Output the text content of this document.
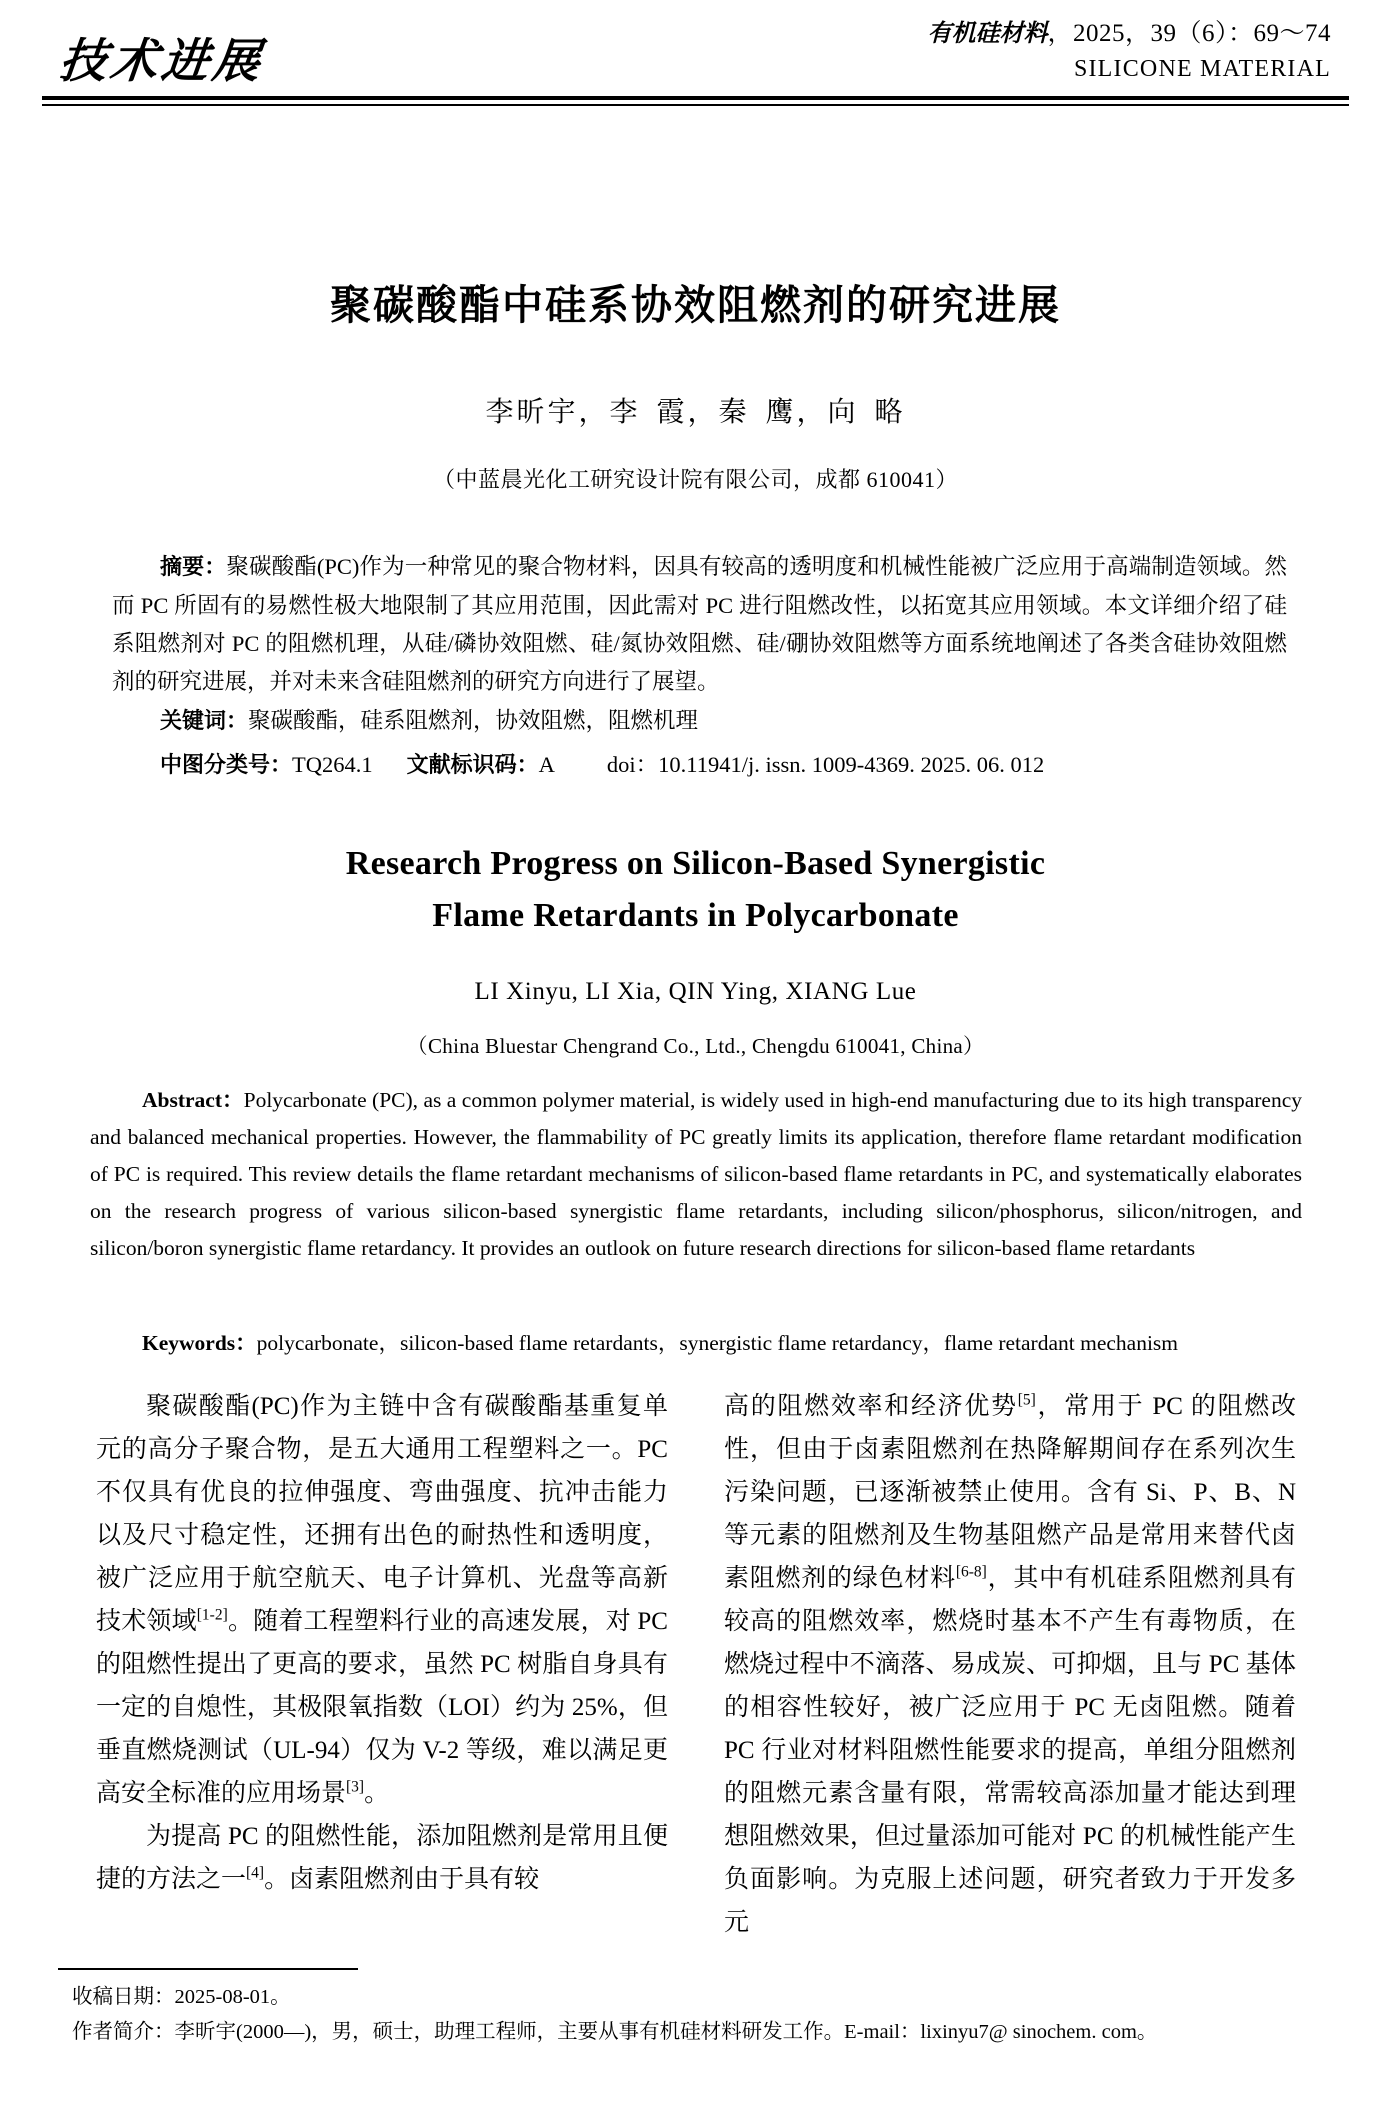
技术进展
有机硅材料，2025，39（6）：69～74
SILICONE MATERIAL
聚碳酸酯中硅系协效阻燃剂的研究进展
李昕宇，李 霞，秦 鹰，向 略
（中蓝晨光化工研究设计院有限公司，成都 610041）
摘要：聚碳酸酯(PC)作为一种常见的聚合物材料，因具有较高的透明度和机械性能被广泛应用于高端制造领域。然而 PC 所固有的易燃性极大地限制了其应用范围，因此需对 PC 进行阻燃改性，以拓宽其应用领域。本文详细介绍了硅系阻燃剂对 PC 的阻燃机理，从硅/磷协效阻燃、硅/氮协效阻燃、硅/硼协效阻燃等方面系统地阐述了各类含硅协效阻燃剂的研究进展，并对未来含硅阻燃剂的研究方向进行了展望。
关键词：聚碳酸酯，硅系阻燃剂，协效阻燃，阻燃机理
中图分类号：TQ264.1 文献标识码：A doi：10.11941/j. issn. 1009-4369. 2025. 06. 012
Research Progress on Silicon-Based Synergistic
Flame Retardants in Polycarbonate
LI Xinyu, LI Xia, QIN Ying, XIANG Lue
（China Bluestar Chengrand Co., Ltd., Chengdu 610041, China）
Abstract：Polycarbonate (PC), as a common polymer material, is widely used in high-end manufacturing due to its high transparency and balanced mechanical properties. However, the flammability of PC greatly limits its application, therefore flame retardant modification of PC is required. This review details the flame retardant mechanisms of silicon-based flame retardants in PC, and systematically elaborates on the research progress of various silicon-based synergistic flame retardants, including silicon/phosphorus, silicon/nitrogen, and silicon/boron synergistic flame retardancy. It provides an outlook on future research directions for silicon-based flame retardants
Keywords：polycarbonate，silicon-based flame retardants，synergistic flame retardancy，flame retardant mechanism

聚碳酸酯(PC)作为主链中含有碳酸酯基重复单元的高分子聚合物，是五大通用工程塑料之一。PC 不仅具有优良的拉伸强度、弯曲强度、抗冲击能力以及尺寸稳定性，还拥有出色的耐热性和透明度，被广泛应用于航空航天、电子计算机、光盘等高新技术领域[1-2]。随着工程塑料行业的高速发展，对 PC 的阻燃性提出了更高的要求，虽然 PC 树脂自身具有一定的自熄性，其极限氧指数（LOI）约为 25%，但垂直燃烧测试（UL-94）仅为 V-2 等级，难以满足更高安全标准的应用场景[3]。

为提高 PC 的阻燃性能，添加阻燃剂是常用且便捷的方法之一[4]。卤素阻燃剂由于具有较

高的阻燃效率和经济优势[5]，常用于 PC 的阻燃改性，但由于卤素阻燃剂在热降解期间存在系列次生污染问题，已逐渐被禁止使用。含有 Si、P、B、N 等元素的阻燃剂及生物基阻燃产品是常用来替代卤素阻燃剂的绿色材料[6-8]，其中有机硅系阻燃剂具有较高的阻燃效率，燃烧时基本不产生有毒物质，在燃烧过程中不滴落、易成炭、可抑烟，且与 PC 基体的相容性较好，被广泛应用于 PC 无卤阻燃。随着 PC 行业对材料阻燃性能要求的提高，单组分阻燃剂的阻燃元素含量有限，常需较高添加量才能达到理想阻燃效果，但过量添加可能对 PC 的机械性能产生负面影响。为克服上述问题，研究者致力于开发多元

收稿日期：2025-08-01。
作者简介：李昕宇(2000—)，男，硕士，助理工程师，主要从事有机硅材料研发工作。E-mail：lixinyu7@ sinochem. com。
